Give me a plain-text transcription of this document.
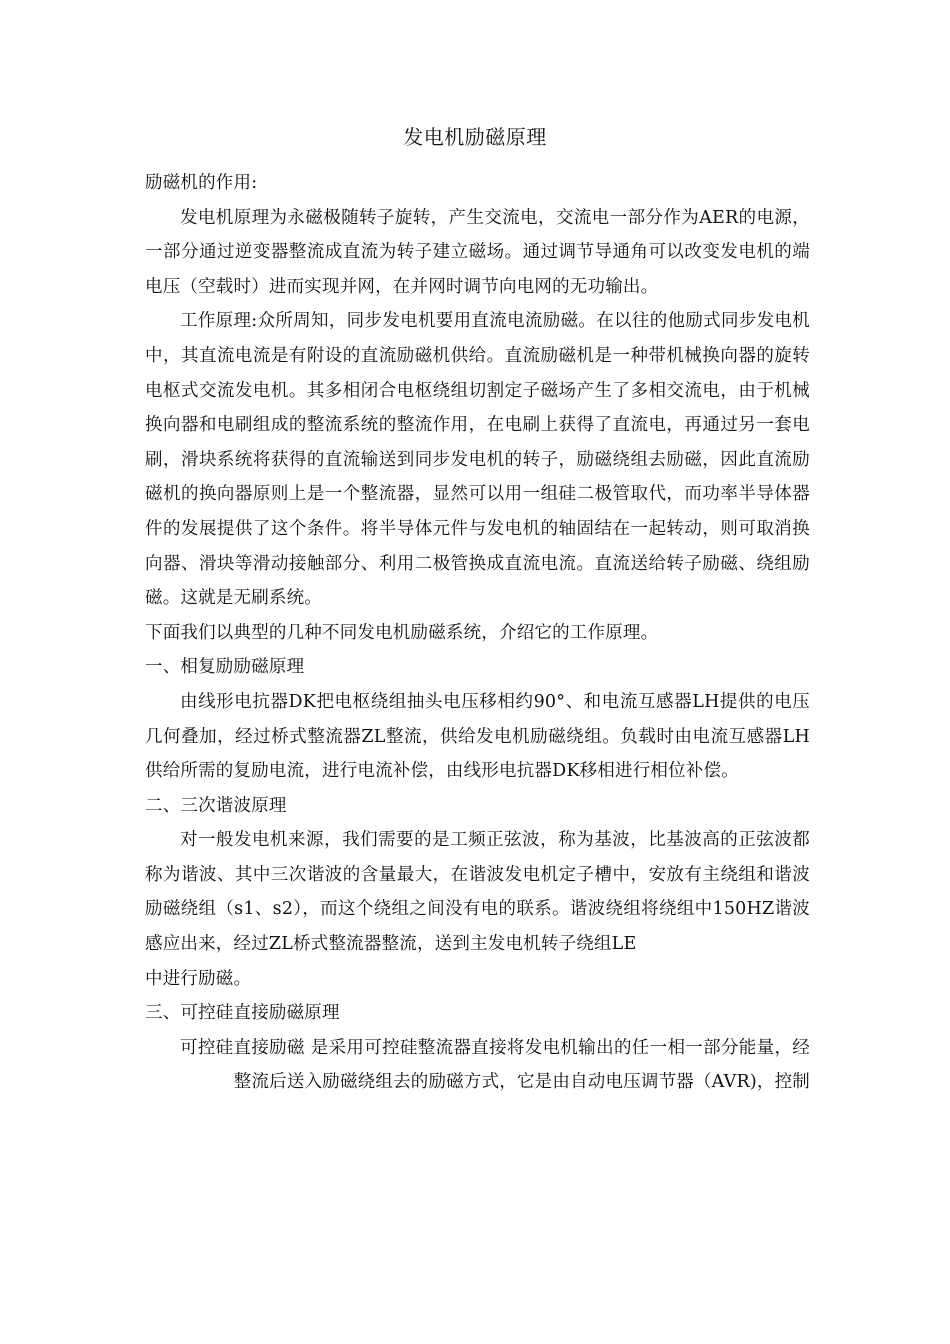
发电机励磁原理

励磁机的作用:

发电机原理为永磁极随转子旋转，产生交流电，交流电一部分作为AER的电源，一部分通过逆变器整流成直流为转子建立磁场。通过调节导通角可以改变发电机的端电压（空载时）进而实现并网，在并网时调节向电网的无功输出。

工作原理:众所周知，同步发电机要用直流电流励磁。在以往的他励式同步发电机中，其直流电流是有附设的直流励磁机供给。直流励磁机是一种带机械换向器的旋转电枢式交流发电机。其多相闭合电枢绕组切割定子磁场产生了多相交流电，由于机械换向器和电刷组成的整流系统的整流作用，在电刷上获得了直流电，再通过另一套电刷，滑块系统将获得的直流输送到同步发电机的转子，励磁绕组去励磁，因此直流励磁机的换向器原则上是一个整流器，显然可以用一组硅二极管取代，而功率半导体器件的发展提供了这个条件。将半导体元件与发电机的轴固结在一起转动，则可取消换向器、滑块等滑动接触部分、利用二极管换成直流电流。直流送给转子励磁、绕组励磁。这就是无刷系统。

下面我们以典型的几种不同发电机励磁系统，介绍它的工作原理。

一、相复励励磁原理

由线形电抗器DK把电枢绕组抽头电压移相约90°、和电流互感器LH提供的电压几何叠加，经过桥式整流器ZL整流，供给发电机励磁绕组。负载时由电流互感器LH供给所需的复励电流，进行电流补偿，由线形电抗器DK移相进行相位补偿。

二、三次谐波原理

对一般发电机来源，我们需要的是工频正弦波，称为基波，比基波高的正弦波都称为谐波、其中三次谐波的含量最大，在谐波发电机定子槽中，安放有主绕组和谐波励磁绕组（s1、s2），而这个绕组之间没有电的联系。谐波绕组将绕组中150HZ谐波感应出来，经过ZL桥式整流器整流，送到主发电机转子绕组LE

中进行励磁。

三、可控硅直接励磁原理

可控硅直接励磁 是采用可控硅整流器直接将发电机输出的任一相一部分能量，经整流后送入励磁绕组去的励磁方式，它是由自动电压调节器（AVR)，控制
